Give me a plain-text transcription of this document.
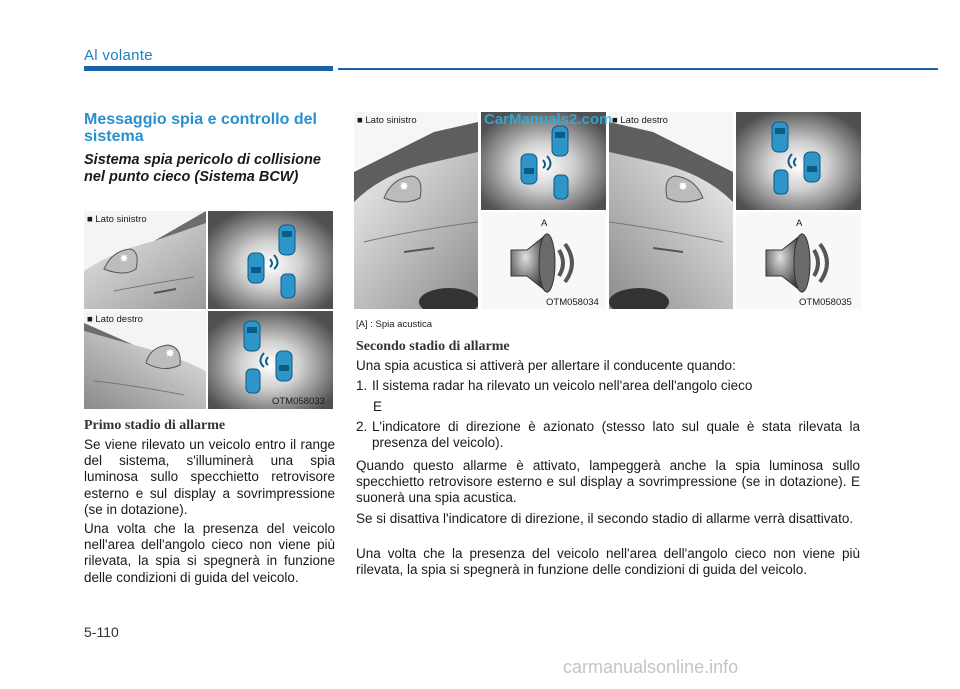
Al volante
Messaggio spia e controllo del sistema
Sistema spia pericolo di collisione nel punto cieco (Sistema BCW)
■ Lato sinistro
■ Lato destro
OTM058033
■ Lato sinistro
A
OTM058034
■ Lato destro
A
OTM058035
CarManuals2.com
[A] : Spia acustica
Primo stadio di allarme
Se viene rilevato un veicolo entro il range del sistema, s'illuminerà una spia luminosa sullo specchietto retrovisore esterno e sul display a sovrimpressione (se in dotazione).
Una volta che la presenza del veicolo nell'area dell'angolo cieco non viene più rilevata, la spia si spegnerà in funzione delle condizioni di guida del veicolo.
Secondo stadio di allarme
Una spia acustica si attiverà per allertare il conducente quando:
1. Il sistema radar ha rilevato un veicolo nell'area dell'angolo cieco
E
2. L'indicatore di direzione è azionato (stesso lato sul quale è stata rilevata la presenza del veicolo).
Quando questo allarme è attivato, lampeggerà anche la spia luminosa sullo specchietto retrovisore esterno e sul display a sovrimpressione (se in dotazione). E suonerà una spia acustica.
Se si disattiva l'indicatore di direzione, il secondo stadio di allarme verrà disattivato.
Una volta che la presenza del veicolo nell'area dell'angolo cieco non viene più rilevata, la spia si spegnerà in funzione delle condizioni di guida del veicolo.
5-110
carmanualsonline.info
